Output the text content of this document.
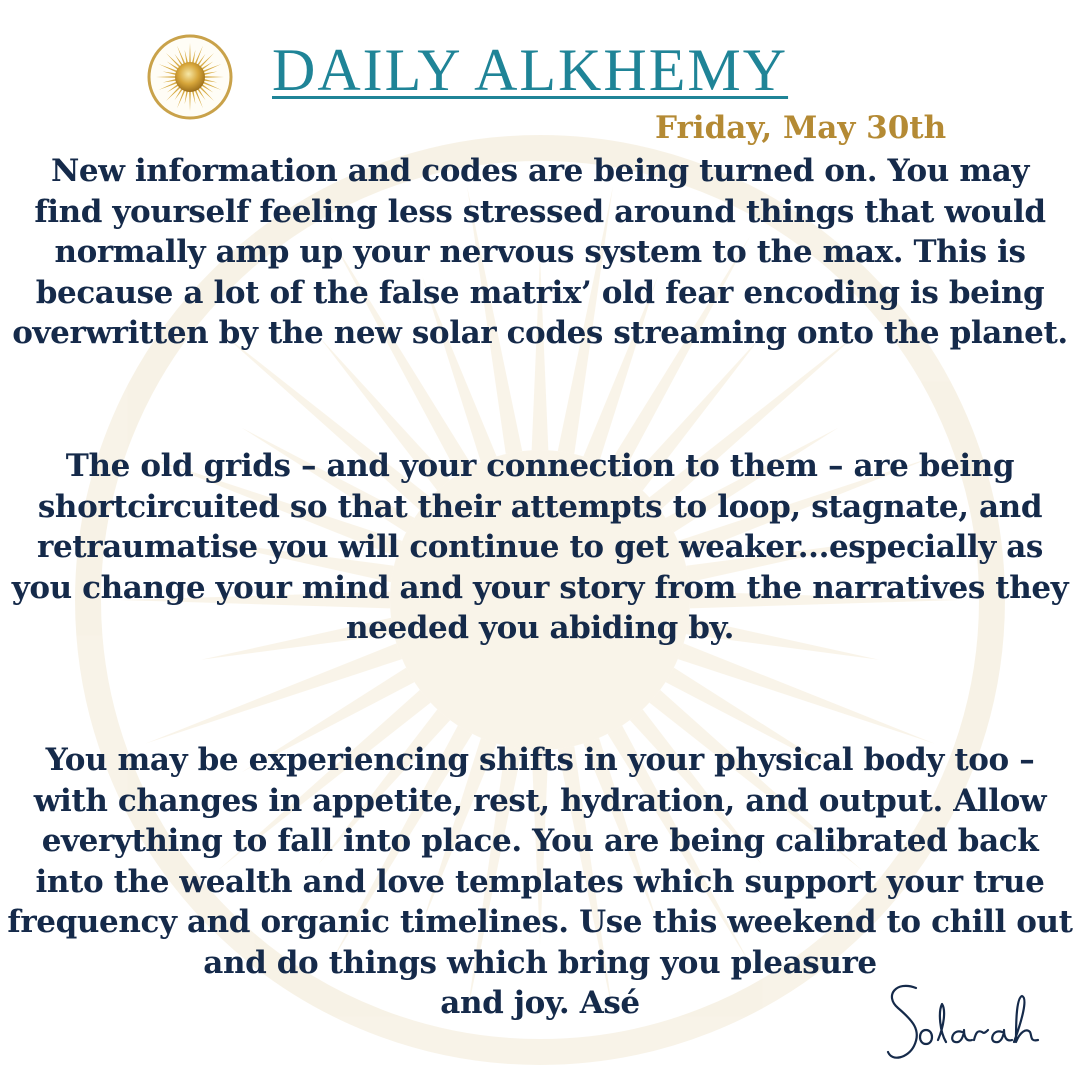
DAILY ALKHEMY
Friday, May 30th

New information and codes are being turned on. You may
find yourself feeling less stressed around things that would
normally amp up your nervous system to the max. This is
because a lot of the false matrix’ old fear encoding is being
overwritten by the new solar codes streaming onto the planet.

The old grids – and your connection to them – are being
shortcircuited so that their attempts to loop, stagnate, and
retraumatise you will continue to get weaker...especially as
you change your mind and your story from the narratives they
needed you abiding by.

You may be experiencing shifts in your physical body too –
with changes in appetite, rest, hydration, and output. Allow
everything to fall into place. You are being calibrated back
into the wealth and love templates which support your true
frequency and organic timelines. Use this weekend to chill out
and do things which bring you pleasure
and joy. Asé
